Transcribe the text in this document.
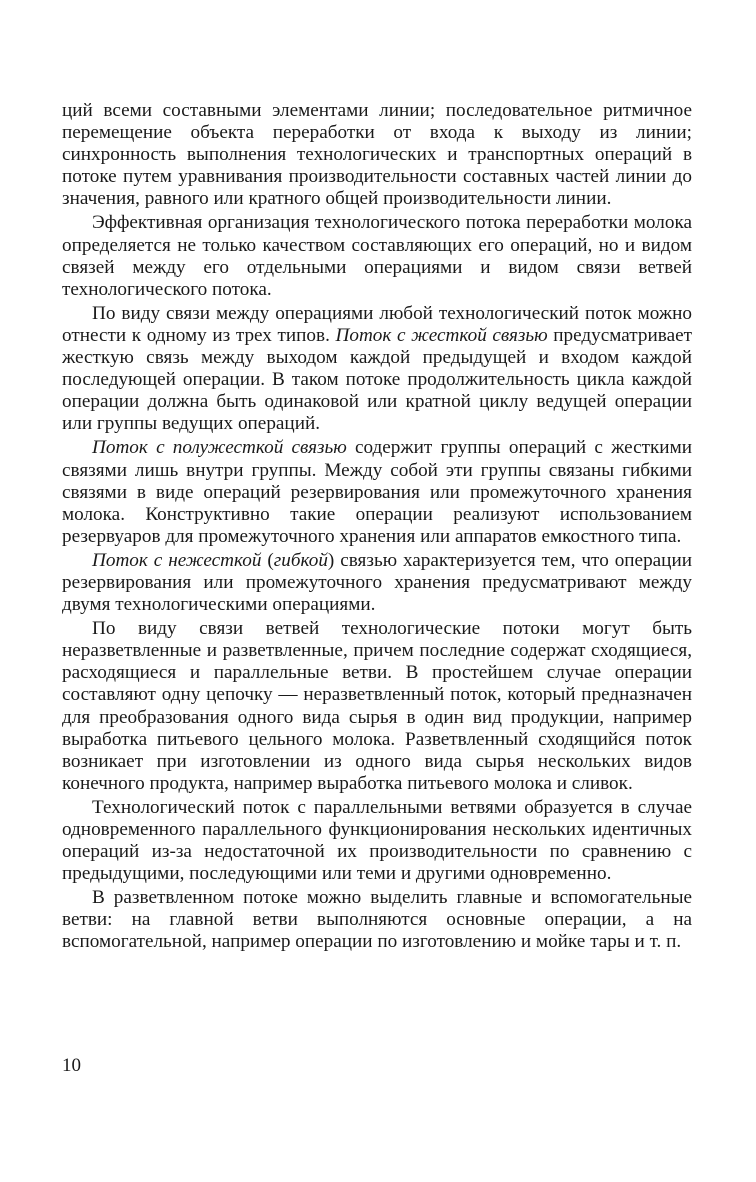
ций всеми составными элементами линии; последовательное ритмичное перемещение объекта переработки от входа к выходу из линии; синхронность выполнения технологических и транспортных операций в потоке путем уравнивания производительности составных частей линии до значения, равного или кратного общей производительности линии.

Эффективная организация технологического потока переработки молока определяется не только качеством составляющих его операций, но и видом связей между его отдельными операциями и видом связи ветвей технологического потока.

По виду связи между операциями любой технологический поток можно отнести к одному из трех типов. Поток с жесткой связью предусматривает жесткую связь между выходом каждой предыдущей и входом каждой последующей операции. В таком потоке продолжительность цикла каждой операции должна быть одинаковой или кратной циклу ведущей операции или группы ведущих операций.

Поток с полужесткой связью содержит группы операций с жесткими связями лишь внутри группы. Между собой эти группы связаны гибкими связями в виде операций резервирования или промежуточного хранения молока. Конструктивно такие операции реализуют использованием резервуаров для промежуточного хранения или аппаратов емкостного типа.

Поток с нежесткой (гибкой) связью характеризуется тем, что операции резервирования или промежуточного хранения предусматривают между двумя технологическими операциями.

По виду связи ветвей технологические потоки могут быть неразветвленные и разветвленные, причем последние содержат сходящиеся, расходящиеся и параллельные ветви. В простейшем случае операции составляют одну цепочку — неразветвленный поток, который предназначен для преобразования одного вида сырья в один вид продукции, например выработка питьевого цельного молока. Разветвленный сходящийся поток возникает при изготовлении из одного вида сырья нескольких видов конечного продукта, например выработка питьевого молока и сливок.

Технологический поток с параллельными ветвями образуется в случае одновременного параллельного функционирования нескольких идентичных операций из-за недостаточной их производительности по сравнению с предыдущими, последующими или теми и другими одновременно.

В разветвленном потоке можно выделить главные и вспомогательные ветви: на главной ветви выполняются основные операции, а на вспомогательной, например операции по изготовлению и мойке тары и т. п.

10
